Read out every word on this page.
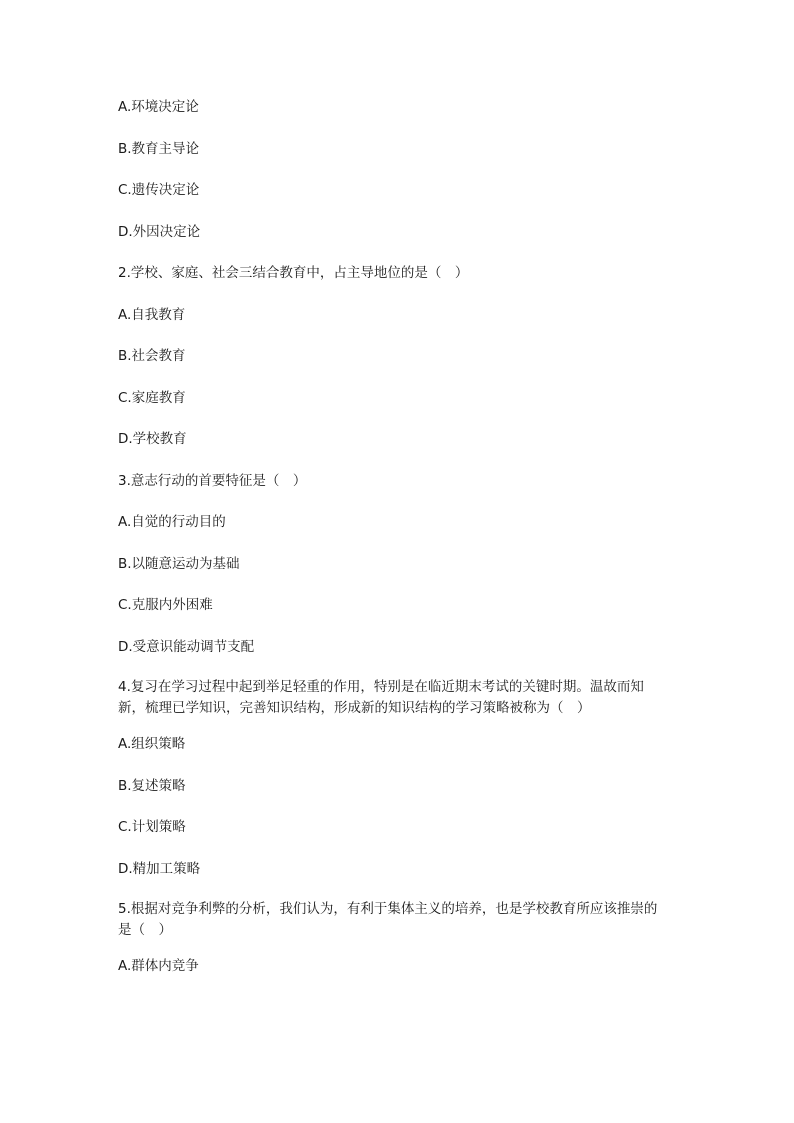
A.环境决定论
B.教育主导论
C.遗传决定论
D.外因决定论
2.学校、家庭、社会三结合教育中，占主导地位的是（　）
A.自我教育
B.社会教育
C.家庭教育
D.学校教育
3.意志行动的首要特征是（　）
A.自觉的行动目的
B.以随意运动为基础
C.克服内外困难
D.受意识能动调节支配
4.复习在学习过程中起到举足轻重的作用，特别是在临近期末考试的关键时期。温故而知新，梳理已学知识，完善知识结构，形成新的知识结构的学习策略被称为（　）
A.组织策略
B.复述策略
C.计划策略
D.精加工策略
5.根据对竞争利弊的分析，我们认为，有利于集体主义的培养，也是学校教育所应该推崇的是（　）
A.群体内竞争
